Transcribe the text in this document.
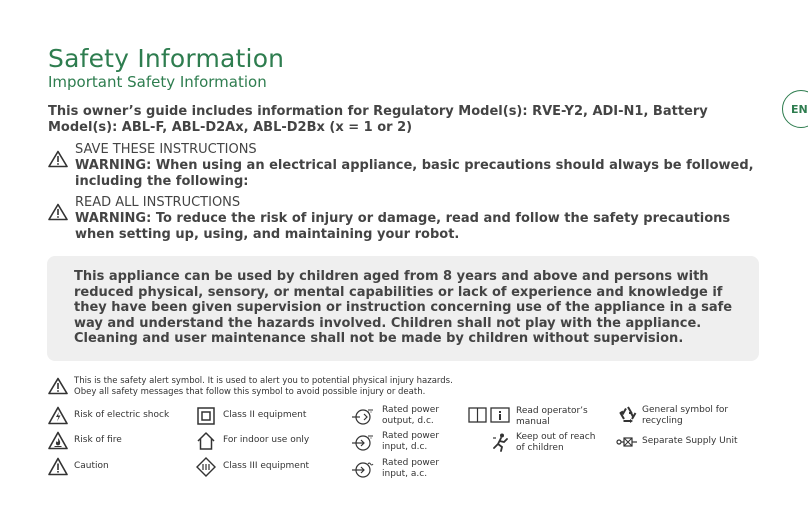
Safety Information
Important Safety Information
EN
This owner’s guide includes information for Regulatory Model(s): RVE-Y2, ADI-N1, Battery Model(s): ABL-F, ABL-D2Ax, ABL-D2Bx (x = 1 or 2)
SAVE THESE INSTRUCTIONS
WARNING: When using an electrical appliance, basic precautions should always be followed, including the following:
READ ALL INSTRUCTIONS
WARNING: To reduce the risk of injury or damage, read and follow the safety precautions when setting up, using, and maintaining your robot.
This appliance can be used by children aged from 8 years and above and persons with reduced physical, sensory, or mental capabilities or lack of experience and knowledge if they have been given supervision or instruction concerning use of the appliance in a safe way and understand the hazards involved. Children shall not play with the appliance. Cleaning and user maintenance shall not be made by children without supervision.
This is the safety alert symbol. It is used to alert you to potential physical injury hazards. Obey all safety messages that follow this symbol to avoid possible injury or death.
Risk of electric shock
Risk of fire
Caution
Class II equipment
For indoor use only
Class III equipment
Rated power output, d.c.
Rated power input, d.c.
Rated power input, a.c.
Read operator’s manual
Keep out of reach of children
General symbol for recycling
Separate Supply Unit
